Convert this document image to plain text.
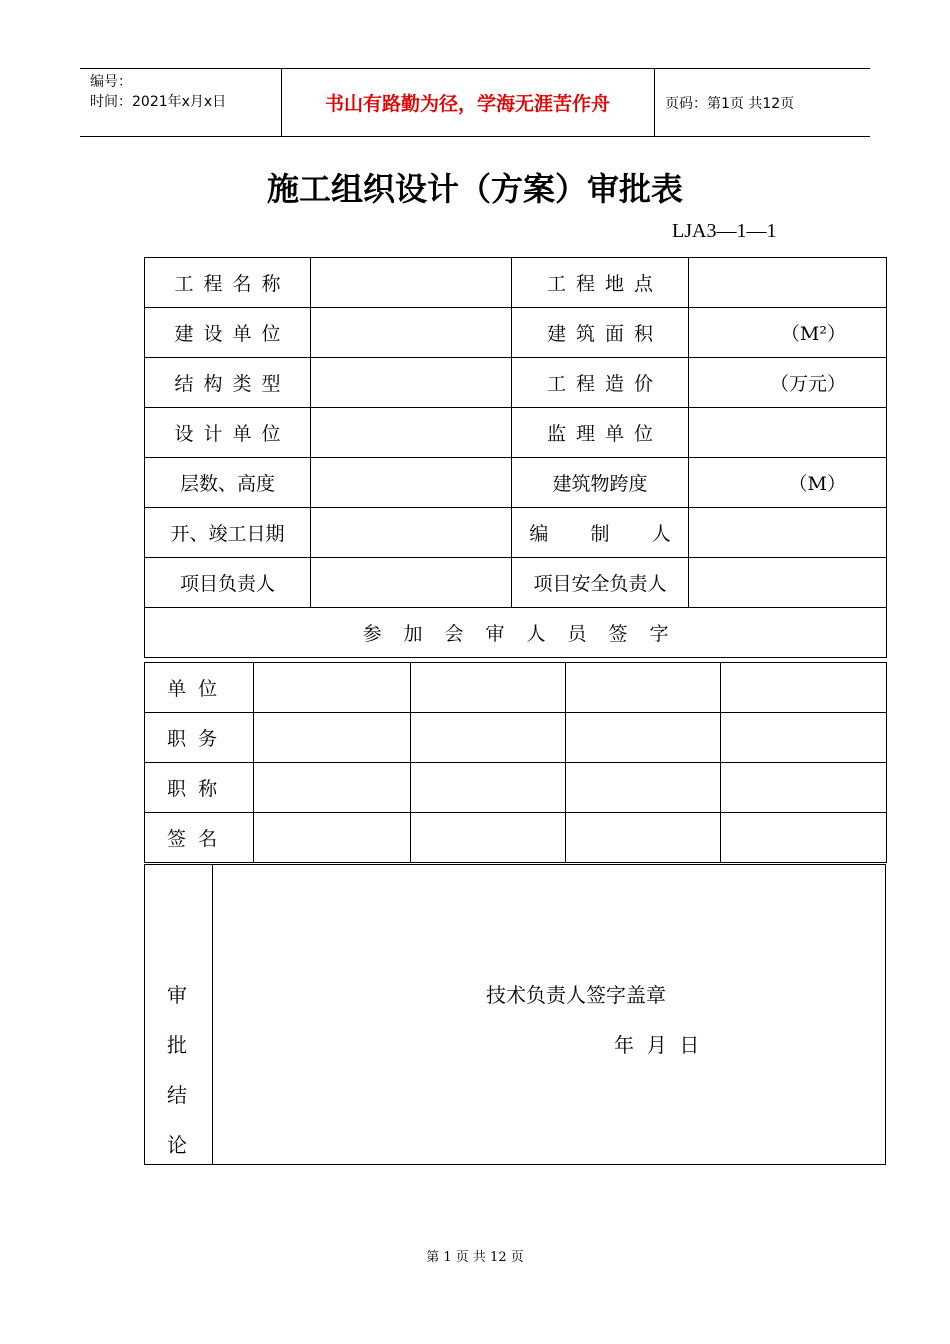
编号：
时间：2021年x月x日	书山有路勤为径，学海无涯苦作舟	页码：第1页 共12页
施工组织设计（方案）审批表
LJA3—1—1
工程名称		工程地点	
建设单位		建筑面积	（M²）
结构类型		工程造价	（万元）
设计单位		监理单位	
层数、高度		建筑物跨度	（M）
开、竣工日期		编  制  人	
项目负责人		项目安全负责人	
参加会审人员签字			
单  位				
职  务				
职  称				
签  名				
审
批
结
论
技术负责人签字盖章
年  月  日
第 1 页 共 12 页
